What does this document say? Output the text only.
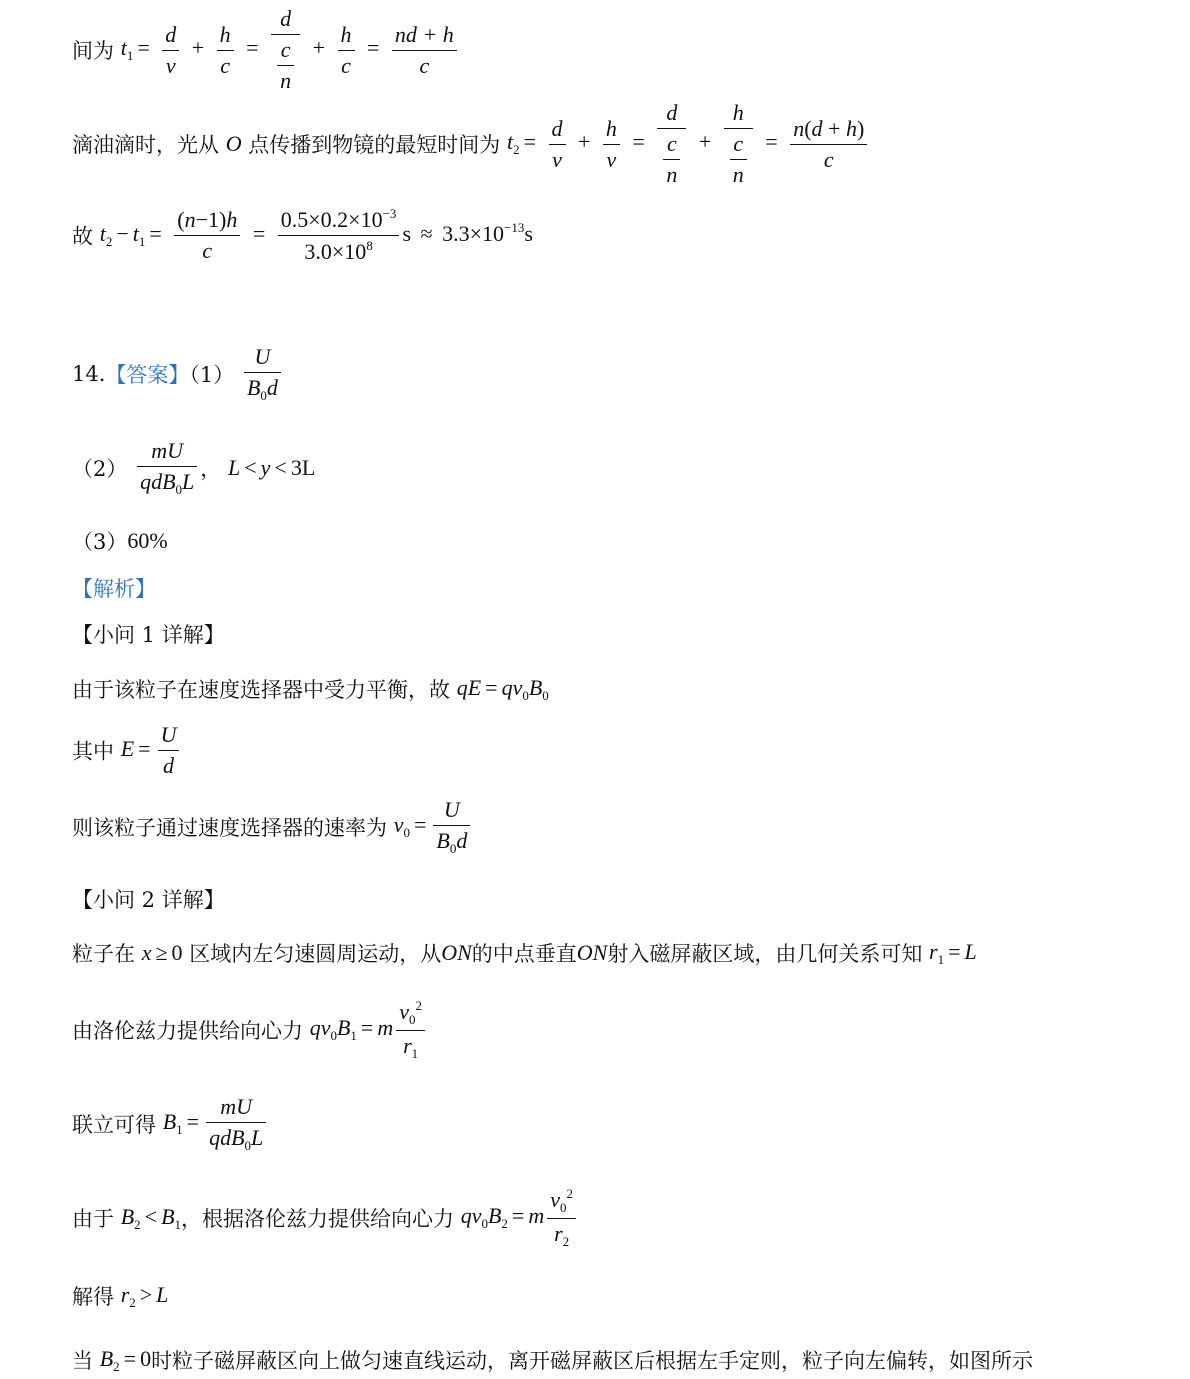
间为 $t_1 = \frac{d}{v} + \frac{h}{c} = \frac{d}{\frac{c}{n}} + \frac{h}{c} = \frac{nd + h}{c}$
滴油滴时，光从 O 点传播到物镜的最短时间为 $t_2 = \frac{d}{v} + \frac{h}{v} = \frac{d}{\frac{c}{n}} + \frac{h}{\frac{c}{n}} = \frac{n(d + h)}{c}$
故 $t_2 - t_1 = \frac{(n-1)h}{c} = \frac{0.5\times 0.2\times 10^{-3}}{3.0\times 10^8}$ $s \approx 3.3\times 10^{-13}s$
14.【答案】$(1) \frac{U}{B_0d}$
$(2) \frac{mU}{qdB_0L}$ ， L < y < 3L
（3）60%
【解析】
【小问 1 详解】
由于该粒子在速度选择器中受力平衡，故 qE = $qv_0B_0$
其中 $E = \frac{U}{d}$
则该粒子通过速度选择器的速率为 $v_0 = \frac{U}{B_0d}$
【小问 2 详解】
粒子在 x ≥ 0 区域内左匀速圆周运动，从ON的中点垂直ON射入磁屏蔽区域，由几何关系可知 $r_1 = L$
由洛伦兹力提供给向心力 $qv_0B_1 = m \frac{v_0^2}{r_1}$
联立可得 $B_1 = \frac{mU}{qdB_0L}$
由于 $B_2 < B_1$，根据洛伦兹力提供给向心力 $qv_0B_2 = m \frac{v_0^2}{r_2}$
解得 $r_2 > L$
当 $B_2 = 0$时粒子磁屏蔽区向上做匀速直线运动，离开磁屏蔽区后根据左手定则，粒子向左偏转，如图所示
